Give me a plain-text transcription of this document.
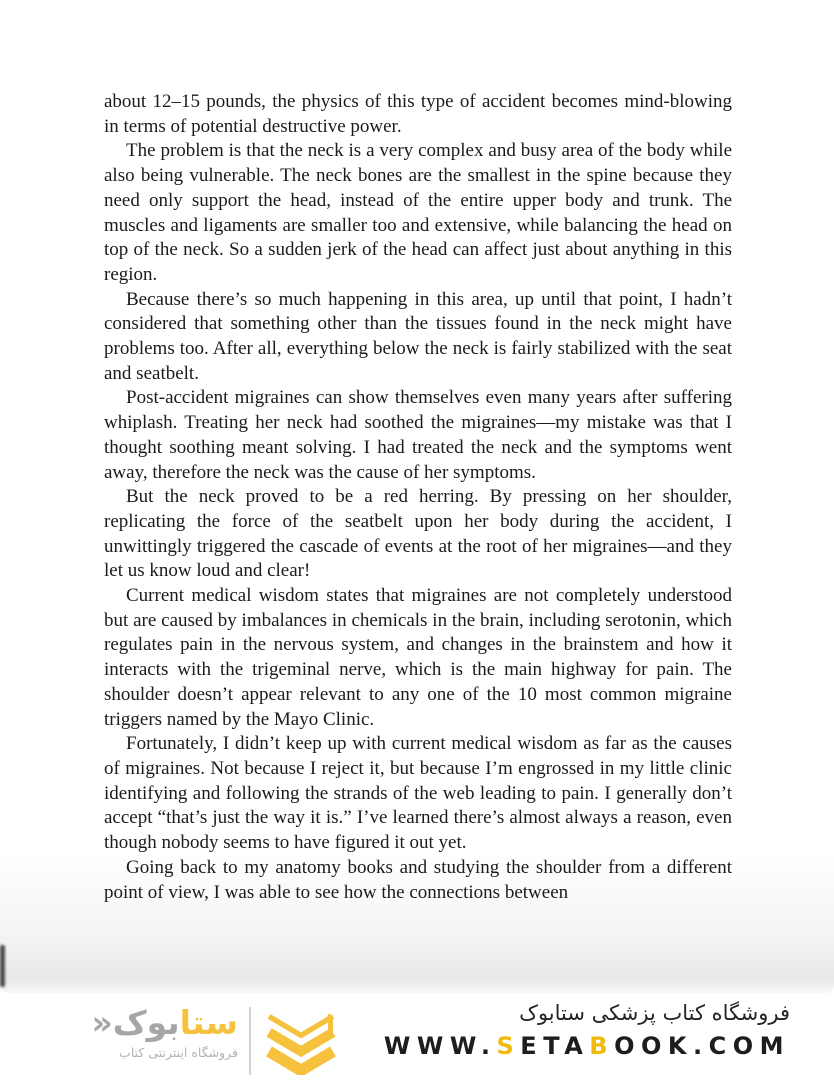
about 12–15 pounds, the physics of this type of accident becomes mind-blowing in terms of potential destructive power.

The problem is that the neck is a very complex and busy area of the body while also being vulnerable. The neck bones are the smallest in the spine because they need only support the head, instead of the entire upper body and trunk. The muscles and ligaments are smaller too and extensive, while balancing the head on top of the neck. So a sudden jerk of the head can affect just about anything in this region.

Because there’s so much happening in this area, up until that point, I hadn’t considered that something other than the tissues found in the neck might have problems too. After all, everything below the neck is fairly stabilized with the seat and seatbelt.

Post-accident migraines can show themselves even many years after suffering whiplash. Treating her neck had soothed the migraines—my mistake was that I thought soothing meant solving. I had treated the neck and the symptoms went away, therefore the neck was the cause of her symptoms.

But the neck proved to be a red herring. By pressing on her shoulder, replicating the force of the seatbelt upon her body during the accident, I unwittingly triggered the cascade of events at the root of her migraines—and they let us know loud and clear!

Current medical wisdom states that migraines are not completely understood but are caused by imbalances in chemicals in the brain, including serotonin, which regulates pain in the nervous system, and changes in the brainstem and how it interacts with the trigeminal nerve, which is the main highway for pain. The shoulder doesn’t appear relevant to any one of the 10 most common migraine triggers named by the Mayo Clinic.

Fortunately, I didn’t keep up with current medical wisdom as far as the causes of migraines. Not because I reject it, but because I’m engrossed in my little clinic identifying and following the strands of the web leading to pain. I generally don’t accept “that’s just the way it is.” I’ve learned there’s almost always a reason, even though nobody seems to have figured it out yet.

Going back to my anatomy books and studying the shoulder from a different point of view, I was able to see how the connections between

ستابوک«
فروشگاه اینترنتی کتاب
فروشگاه کتاب پزشکی ستابوک
WWW.SETABOOK.COM
